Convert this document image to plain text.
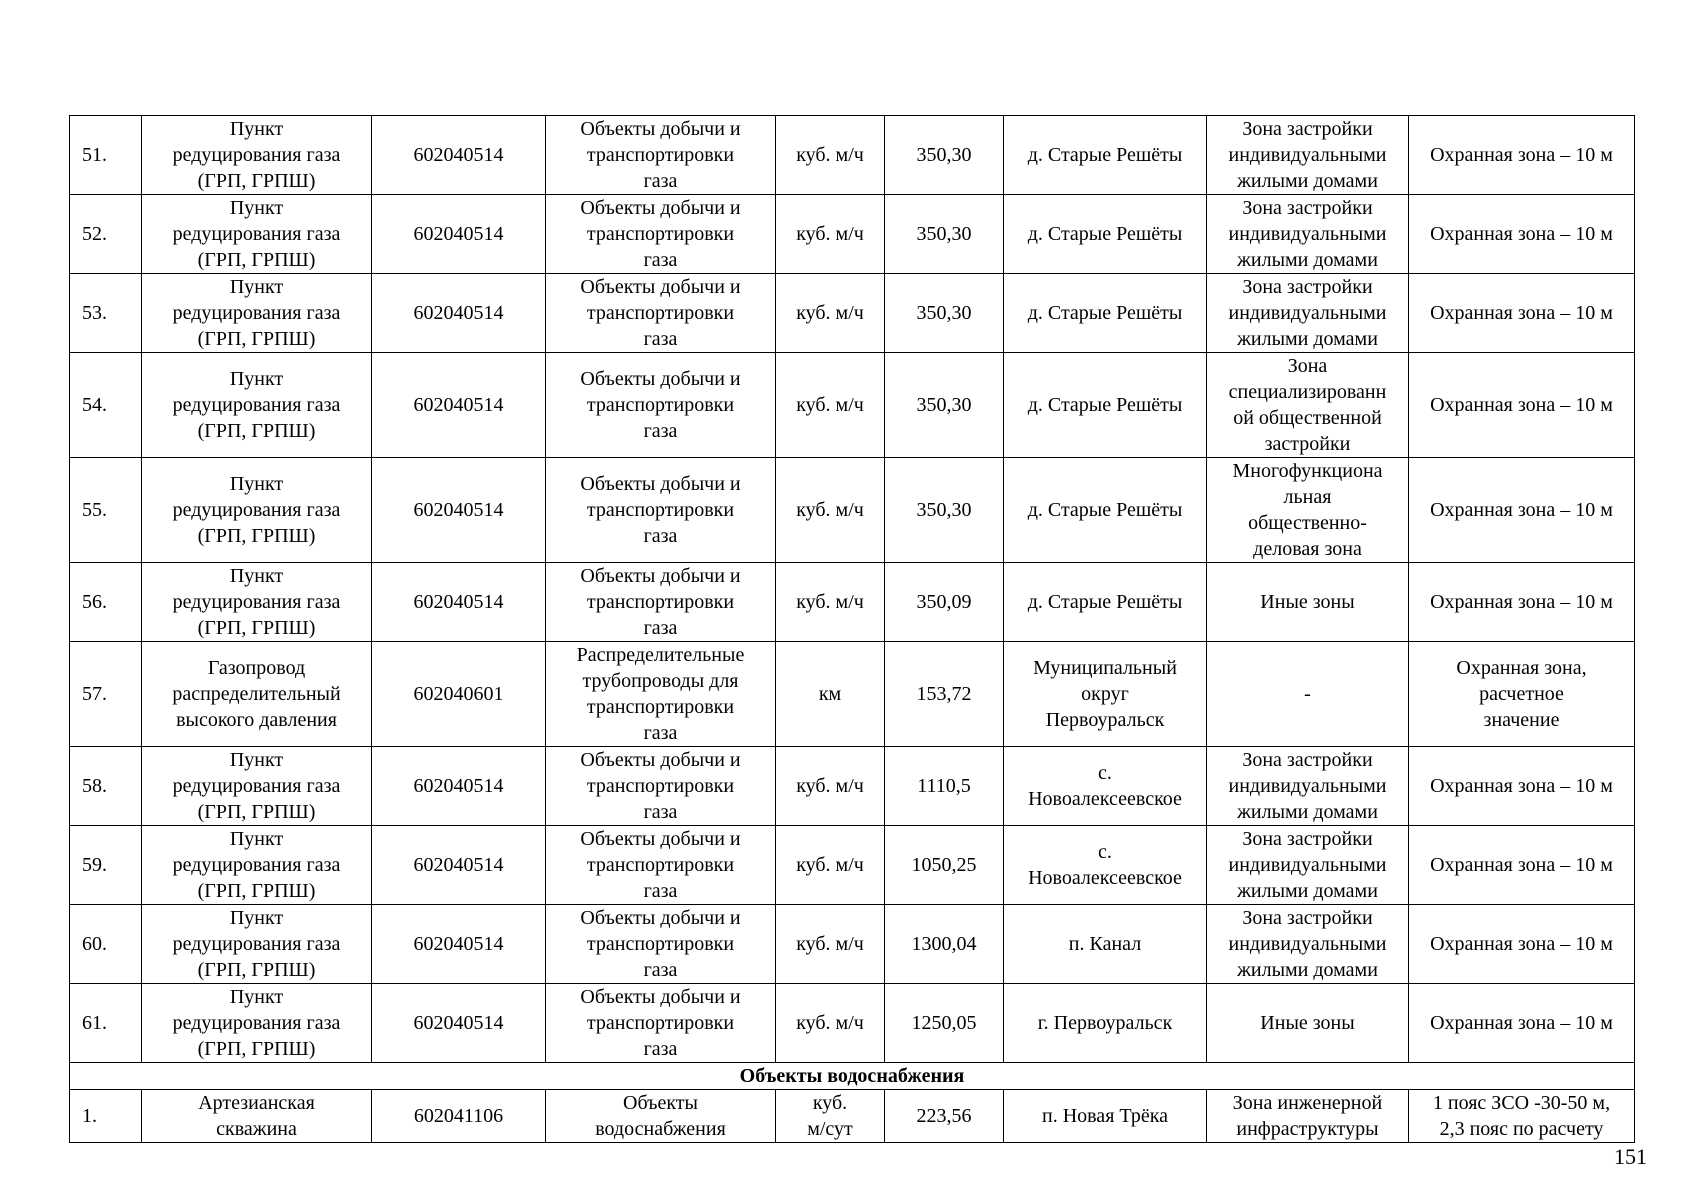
51.	Пункт
редуцирования газа
(ГРП, ГРПШ)	602040514	Объекты добычи и
транспортировки
газа	куб. м/ч	350,30	д. Старые Решёты	Зона застройки
индивидуальными
жилыми домами	Охранная зона – 10 м
52.	Пункт
редуцирования газа
(ГРП, ГРПШ)	602040514	Объекты добычи и
транспортировки
газа	куб. м/ч	350,30	д. Старые Решёты	Зона застройки
индивидуальными
жилыми домами	Охранная зона – 10 м
53.	Пункт
редуцирования газа
(ГРП, ГРПШ)	602040514	Объекты добычи и
транспортировки
газа	куб. м/ч	350,30	д. Старые Решёты	Зона застройки
индивидуальными
жилыми домами	Охранная зона – 10 м
54.	Пункт
редуцирования газа
(ГРП, ГРПШ)	602040514	Объекты добычи и
транспортировки
газа	куб. м/ч	350,30	д. Старые Решёты	Зона
специализированн
ой общественной
застройки	Охранная зона – 10 м
55.	Пункт
редуцирования газа
(ГРП, ГРПШ)	602040514	Объекты добычи и
транспортировки
газа	куб. м/ч	350,30	д. Старые Решёты	Многофункциона
льная
общественно-
деловая зона	Охранная зона – 10 м
56.	Пункт
редуцирования газа
(ГРП, ГРПШ)	602040514	Объекты добычи и
транспортировки
газа	куб. м/ч	350,09	д. Старые Решёты	Иные зоны	Охранная зона – 10 м
57.	Газопровод
распределительный
высокого давления	602040601	Распределительные
трубопроводы для
транспортировки
газа	км	153,72	Муниципальный
округ
Первоуральск	-	Охранная зона,
расчетное
значение
58.	Пункт
редуцирования газа
(ГРП, ГРПШ)	602040514	Объекты добычи и
транспортировки
газа	куб. м/ч	1110,5	с.
Новоалексеевское	Зона застройки
индивидуальными
жилыми домами	Охранная зона – 10 м
59.	Пункт
редуцирования газа
(ГРП, ГРПШ)	602040514	Объекты добычи и
транспортировки
газа	куб. м/ч	1050,25	с.
Новоалексеевское	Зона застройки
индивидуальными
жилыми домами	Охранная зона – 10 м
60.	Пункт
редуцирования газа
(ГРП, ГРПШ)	602040514	Объекты добычи и
транспортировки
газа	куб. м/ч	1300,04	п. Канал	Зона застройки
индивидуальными
жилыми домами	Охранная зона – 10 м
61.	Пункт
редуцирования газа
(ГРП, ГРПШ)	602040514	Объекты добычи и
транспортировки
газа	куб. м/ч	1250,05	г. Первоуральск	Иные зоны	Охранная зона – 10 м
Объекты водоснабжения								
1.	Артезианская
скважина	602041106	Объекты
водоснабжения	куб.
м/сут	223,56	п. Новая Трёка	Зона инженерной
инфраструктуры	1 пояс ЗСО -30-50 м,
2,3 пояс по расчету
151
